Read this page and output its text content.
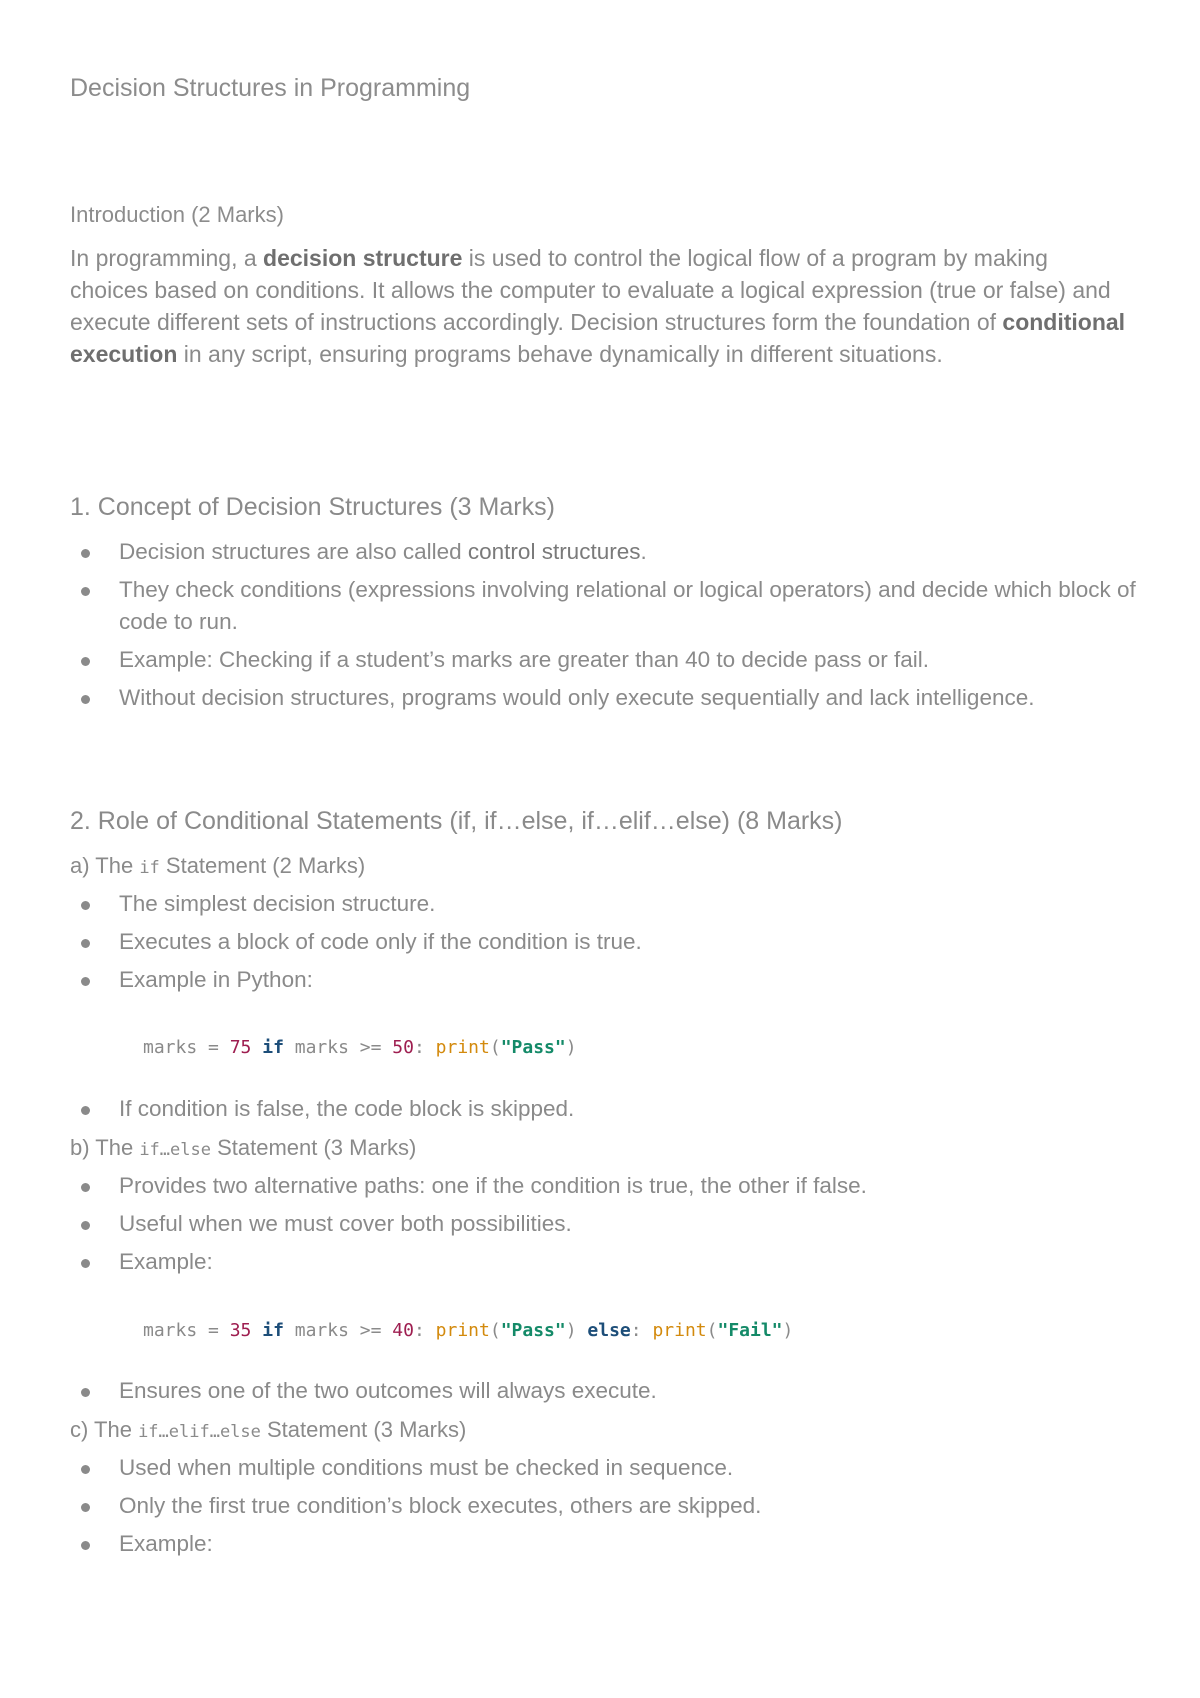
Decision Structures in Programming
Introduction (2 Marks)

In programming, a decision structure is used to control the logical flow of a program by making choices based on conditions. It allows the computer to evaluate a logical expression (true or false) and execute different sets of instructions accordingly. Decision structures form the foundation of conditional execution in any script, ensuring programs behave dynamically in different situations.

1. Concept of Decision Structures (3 Marks)
Decision structures are also called control structures.
They check conditions (expressions involving relational or logical operators) and decide which block of code to run.
Example: Checking if a student’s marks are greater than 40 to decide pass or fail.
Without decision structures, programs would only execute sequentially and lack intelligence.
2. Role of Conditional Statements (if, if…else, if…elif…else) (8 Marks)
a) The if Statement (2 Marks)
The simplest decision structure.
Executes a block of code only if the condition is true.
Example in Python:
marks = 75 if marks >= 50: print("Pass")
If condition is false, the code block is skipped.
b) The if…else Statement (3 Marks)
Provides two alternative paths: one if the condition is true, the other if false.
Useful when we must cover both possibilities.
Example:
marks = 35 if marks >= 40: print("Pass") else: print("Fail")
Ensures one of the two outcomes will always execute.
c) The if…elif…else Statement (3 Marks)
Used when multiple conditions must be checked in sequence.
Only the first true condition’s block executes, others are skipped.
Example:
